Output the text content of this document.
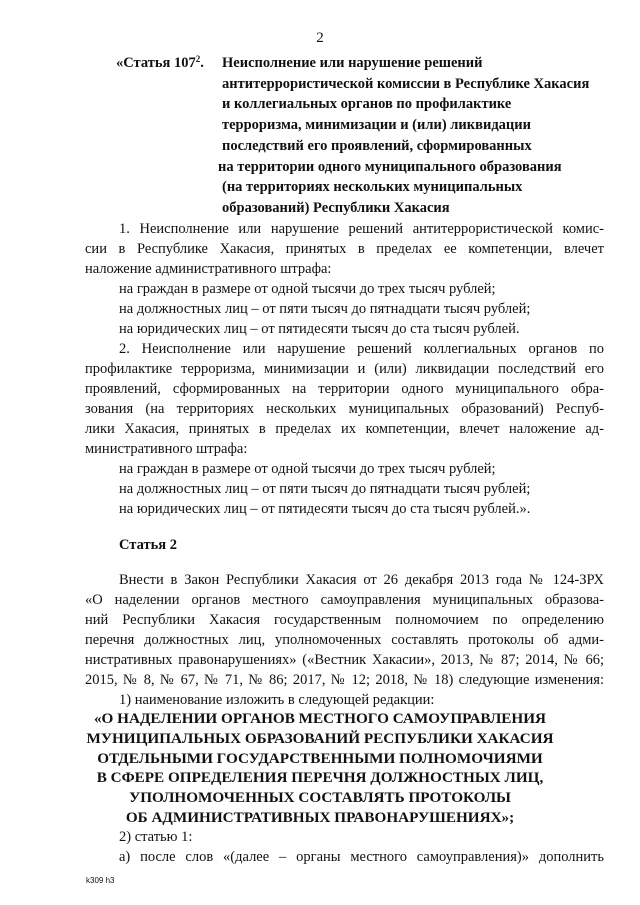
2
«Статья $107^2$. Неисполнение или нарушение решений
антитеррористической комиссии в Республике Хакасия
и коллегиальных органов по профилактике
терроризма, минимизации и (или) ликвидации
последствий его проявлений, сформированных
на территории одного муниципального образования
(на территориях нескольких муниципальных
образований) Республики Хакасия
1. Неисполнение или нарушение решений антитеррористической комис-
сии в Республике Хакасия, принятых в пределах ее компетенции, влечет
наложение административного штрафа:
на граждан в размере от одной тысячи до трех тысяч рублей;
на должностных лиц – от пяти тысяч до пятнадцати тысяч рублей;
на юридических лиц – от пятидесяти тысяч до ста тысяч рублей.
2. Неисполнение или нарушение решений коллегиальных органов по
профилактике терроризма, минимизации и (или) ликвидации последствий его
проявлений, сформированных на территории одного муниципального обра-
зования (на территориях нескольких муниципальных образований) Респуб-
лики Хакасия, принятых в пределах их компетенции, влечет наложение ад-
министративного штрафа:
на граждан в размере от одной тысячи до трех тысяч рублей;
на должностных лиц – от пяти тысяч до пятнадцати тысяч рублей;
на юридических лиц – от пятидесяти тысяч до ста тысяч рублей.».
Статья 2
Внести в Закон Республики Хакасия от 26 декабря 2013 года № 124-ЗРХ
«О наделении органов местного самоуправления муниципальных образова-
ний Республики Хакасия государственным полномочием по определению
перечня должностных лиц, уполномоченных составлять протоколы об адми-
нистративных правонарушениях» («Вестник Хакасии», 2013, № 87; 2014, № 66;
2015, № 8, № 67, № 71, № 86; 2017, № 12; 2018, № 18) следующие изменения:
1) наименование изложить в следующей редакции:
«О НАДЕЛЕНИИ ОРГАНОВ МЕСТНОГО САМОУПРАВЛЕНИЯ
МУНИЦИПАЛЬНЫХ ОБРАЗОВАНИЙ РЕСПУБЛИКИ ХАКАСИЯ
ОТДЕЛЬНЫМИ ГОСУДАРСТВЕННЫМИ ПОЛНОМОЧИЯМИ
В СФЕРЕ ОПРЕДЕЛЕНИЯ ПЕРЕЧНЯ ДОЛЖНОСТНЫХ ЛИЦ,
УПОЛНОМОЧЕННЫХ СОСТАВЛЯТЬ ПРОТОКОЛЫ
ОБ АДМИНИСТРАТИВНЫХ ПРАВОНАРУШЕНИЯХ»;
2) статью 1:
а) после слов «(далее – органы местного самоуправления)» дополнить
k309 h3
